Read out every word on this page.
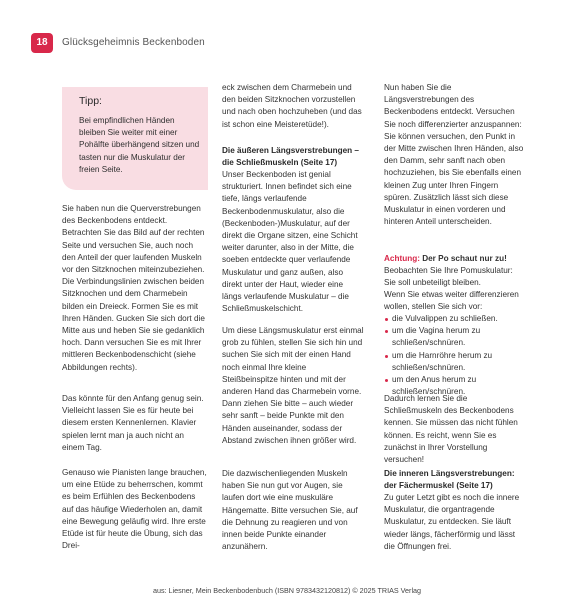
18	Glücksgeheimnis Beckenboden
Tipp:
Bei empfindlichen Händen bleiben Sie weiter mit einer Pohälfte überhängend sitzen und tasten nur die Muskulatur der freien Seite.

Sie haben nun die Querverstrebungen des Beckenbodens entdeckt. Betrachten Sie das Bild auf der rechten Seite und versuchen Sie, auch noch den Anteil der quer laufenden Muskeln vor den Sitzknochen miteinzubeziehen. Die Verbindungslinien zwischen beiden Sitzknochen und dem Charmebein bilden ein Dreieck. Formen Sie es mit Ihren Händen. Gucken Sie sich dort die Mitte aus und heben Sie sie gedanklich hoch. Dann versuchen Sie es mit Ihrer mittleren Beckenbodenschicht (siehe Abbildungen rechts).

Das könnte für den Anfang genug sein. Vielleicht lassen Sie es für heute bei diesem ersten Kennenlernen. Klavier spielen lernt man ja auch nicht an einem Tag.

Genauso wie Pianisten lange brauchen, um eine Etüde zu beherrschen, kommt es beim Erfühlen des Beckenbodens auf das häufige Wiederholen an, damit eine Bewegung geläufig wird. Ihre erste Etüde ist für heute die Übung, sich das Drei-

eck zwischen dem Charmebein und den beiden Sitzknochen vorzustellen und nach oben hochzuheben (und das ist schon eine Meisteretüde!).

Die äußeren Längsverstrebungen – die Schließmuskeln (Seite 17)

Unser Beckenboden ist genial strukturiert. Innen befindet sich eine tiefe, längs verlaufende Beckenbodenmuskulatur, also die (Beckenboden-)Muskulatur, auf der direkt die Organe sitzen, eine Schicht weiter darunter, also in der Mitte, die soeben entdeckte quer verlaufende Muskulatur und ganz außen, also direkt unter der Haut, wieder eine längs verlaufende Muskulatur – die Schließmuskelschicht.

Um diese Längsmuskulatur erst einmal grob zu fühlen, stellen Sie sich hin und suchen Sie sich mit der einen Hand noch einmal Ihre kleine Steißbeinspitze hinten und mit der anderen Hand das Charmebein vorne. Dann ziehen Sie bitte – auch wieder sehr sanft – beide Punkte mit den Händen auseinander, sodass der Abstand zwischen ihnen größer wird.

Die dazwischenliegenden Muskeln haben Sie nun gut vor Augen, sie laufen dort wie eine muskuläre Hängematte. Bitte versuchen Sie, auf die Dehnung zu reagieren und von innen beide Punkte einander anzunähern.

Nun haben Sie die Längsverstrebungen des Beckenbodens entdeckt. Versuchen Sie noch differenzierter anzuspannen: Sie können versuchen, den Punkt in der Mitte zwischen Ihren Händen, also den Damm, sehr sanft nach oben hochzuziehen, bis Sie ebenfalls einen kleinen Zug unter Ihren Fingern spüren. Zusätzlich lässt sich diese Muskulatur in einen vorderen und hinteren Anteil unterscheiden.

Achtung: Der Po schaut nur zu! Beobachten Sie Ihre Pomuskulatur: Sie soll unbeteiligt bleiben.

Wenn Sie etwas weiter differenzieren wollen, stellen Sie sich vor:

die Vulvalippen zu schließen.
um die Vagina herum zu schließen/schnüren.
um die Harnröhre herum zu schließen/schnüren.
um den Anus herum zu schließen/schnüren.

Dadurch lernen Sie die Schließmuskeln des Beckenbodens kennen. Sie müssen das nicht fühlen können. Es reicht, wenn Sie es zunächst in Ihrer Vorstellung versuchen!

Die inneren Längsverstrebungen: der Fächermuskel (Seite 17)

Zu guter Letzt gibt es noch die innere Muskulatur, die organtragende Muskulatur, zu entdecken. Sie läuft wieder längs, fächerförmig und lässt die Öffnungen frei.

aus: Liesner, Mein Beckenbodenbuch (ISBN 9783432120812) © 2025 TRIAS Verlag
